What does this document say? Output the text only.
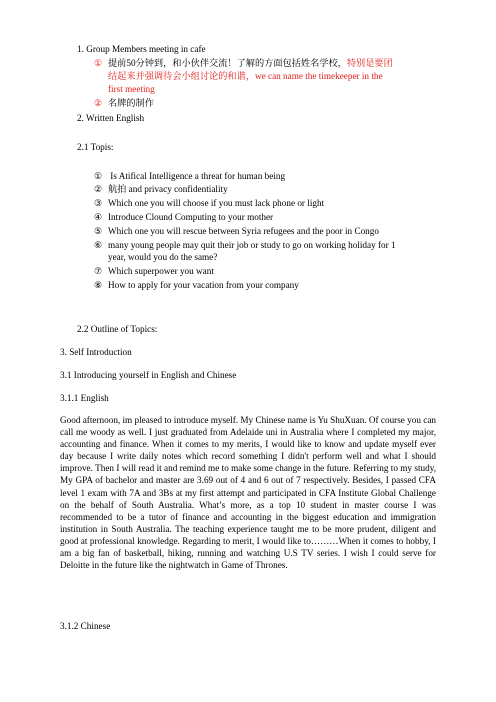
1. Group Members meeting in cafe
① 提前50分钟到，和小伙伴交流！了解的方面包括姓名学校，特别是要团
结起来并强调待会小组讨论的和谐，we can name the timekeeper in the
first meeting
② 名牌的制作
2. Written English
2.1 Topis:
① Is Atifical Intelligence a threat for human being
② 航拍 and privacy confidentiality
③ Which one you will choose if you must lack phone or light
④ Introduce Clound Computing to your mother
⑤ Which one you will rescue between Syria refugees and the poor in Congo
⑥ many young people may quit their job or study to go on working holiday for 1
year, would you do the same?
⑦ Which superpower you want
⑧ How to apply for your vacation from your company
2.2 Outline of Topics:
3. Self Introduction
3.1 Introducing yourself in English and Chinese
3.1.1 English
Good afternoon, im pleased to introduce myself. My Chinese name is Yu ShuXuan. Of course you can call me woody as well. I just graduated from Adelaide uni in Australia where I completed my major, accounting and finance. When it comes to my merits, I would like to know and update myself ever day because I write daily notes which record something I didn't perform well and what I should improve. Then I will read it and remind me to make some change in the future. Referring to my study, My GPA of bachelor and master are 3.69 out of 4 and 6 out of 7 respectively. Besides, I passed CFA level 1 exam with 7A and 3Bs at my first attempt and participated in CFA Institute Global Challenge on the behalf of South Australia. What’s more, as a top 10 student in master course I was recommended to be a tutor of finance and accounting in the biggest education and immigration institution in South Australia. The teaching experience taught me to be more prudent, diligent and good at professional knowledge. Regarding to merit, I would like to………When it comes to hobby, I am a big fan of basketball, hiking, running and watching U.S TV series. I wish I could serve for Deloitte in the future like the nightwatch in Game of Thrones.
3.1.2 Chinese
